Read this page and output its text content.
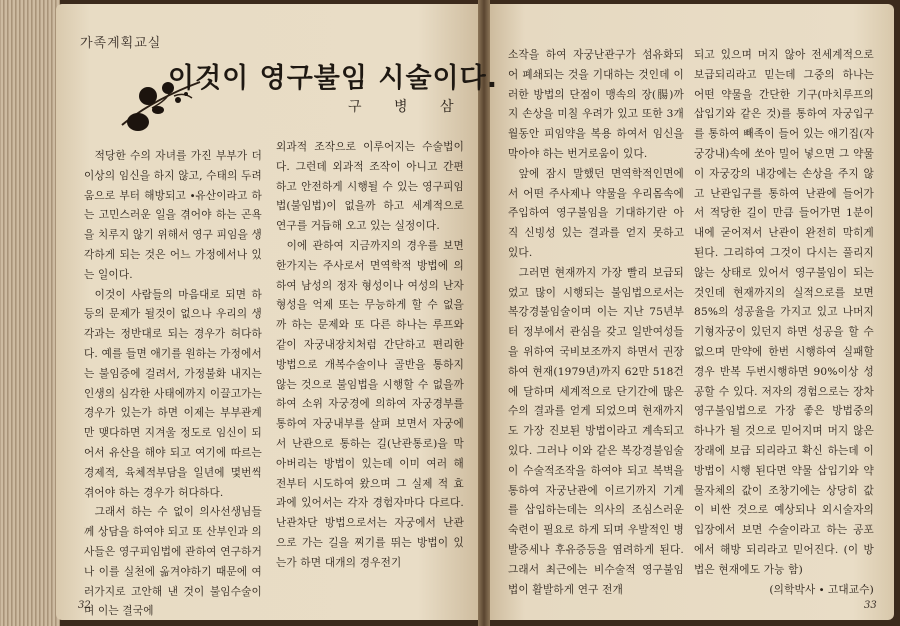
가족계획교실
이것이 영구불임 시술이다.
구 병 삼

적당한 수의 자녀를 가진 부부가 더 이상의 임신을 하지 않고, 수태의 두려움으로 부터 해방되고 ∙유산이라고 하는 고민스러운 일을 겪어야 하는 곤욕을 치루지 않기 위해서 영구 피임을 생각하게 되는 것은 어느 가정에서나 있는 일이다.

이것이 사람들의 마음대로 되면 하등의 문제가 될것이 없으나 우리의 생각과는 정반대로 되는 경우가 허다하다. 예를 들면 애기를 원하는 가정에서는 불임증에 걸려서, 가정불화 내지는 인생의 심각한 사태에까지 이끌고가는 경우가 있는가 하면 이제는 부부관계만 맺다하면 지겨울 정도로 임신이 되어서 유산을 해야 되고 여기에 따르는 경제적, 육체적부담을 일년에 몇번씩 겪어야 하는 경우가 허다하다.

그래서 하는 수 없이 의사선생님들께 상담을 하여야 되고 또 산부인과 의사들은 영구피임법에 관하여 연구하거나 이를 실천에 옮겨야하기 때문에 여러가지로 고안해 낸 것이 불임수술이며 이는 결국에

외과적 조작으로 이루어지는 수술법이다. 그런데 외과적 조작이 아니고 간편하고 안전하게 시행될 수 있는 영구피임법(불임법)이 없을까 하고 세계적으로 연구를 거듭해 오고 있는 실정이다.

이에 관하여 지금까지의 경우를 보면 한가지는 주사로서 면역학적 방법에 의하여 남성의 정자 형성이나 여성의 난자형성을 억제 또는 무능하게 할 수 없을까 하는 문제와 또 다른 하나는 루프와 같이 자궁내장치처럼 간단하고 편리한 방법으로 개복수술이나 골반을 통하지 않는 것으로 불임법을 시행할 수 없을까 하여 소위 자궁경에 의하여 자궁경부를 통하여 자궁내부를 살펴 보면서 자궁에서 난관으로 통하는 길(난관통로)을 막아버리는 방법이 있는데 이미 여러 해 전부터 시도하여 왔으며 그 실제 적 효과에 있어서는 각자 경험자마다 다르다. 난관차단 방법으로서는 자궁에서 난관으로 가는 길을 찌기를 뛰는 방법이 있는가 하면 대개의 경우전기

소작을 하여 자궁난관구가 섬유화되어 폐쇄되는 것을 기대하는 것인데 이러한 방법의 단점이 맹속의 장(腸)까지 손상을 미칠 우려가 있고 또한 3개월동안 피임약을 복용 하여서 임신을 막아야 하는 번거로움이 있다.

앞에 잠시 말했던 면역학적인면에서 어떤 주사제나 약물을 우리몸속에 주입하여 영구불임을 기대하기란 아직 신빙성 있는 결과를 얻지 못하고 있다.

그러면 현재까지 가장 빨리 보급되었고 많이 시행되는 불임법으로서는 복강경불임술이며 이는 지난 75년부터 정부에서 관심을 갖고 일반여성들을 위하여 국비보조까지 하면서 권장하여 현재(1979년)까지 62만 518건에 달하며 세계적으로 단기간에 많은 수의 결과를 얻게 되었으며 현재까지도 가장 진보된 방법이라고 계속되고 있다. 그러나 이와 같은 복강경불임술이 수술적조작을 하여야 되고 복벽을 통하여 자궁난관에 이르기까지 기계를 삽입하는데는 의사의 조심스러운 숙련이 필요로 하게 되며 우발적인 병발증세나 후유증등을 염려하게 된다. 그래서 최근에는 비수술적 영구불임법이 활발하게 연구 전개

되고 있으며 머지 않아 전세계적으로 보급되리라고 믿는데 그중의 하나는 어떤 약물을 간단한 기구(마치루프의 삽입기와 같은 것)를 통하여 자궁입구를 통하여 빼족이 들어 있는 애기집(자궁강내)속에 쏘아 밀어 넣으면 그 약물이 자궁강의 내강에는 손상을 주지 않고 난관입구를 통하여 난관에 들어가서 적당한 길이 만큼 들어가면 1분이내에 굳어져서 난관이 완전히 막히게 된다. 그리하여 그것이 다시는 풀리지 않는 상태로 있어서 영구불임이 되는 것인데 현재까지의 실적으로를 보면 85%의 성공율을 가지고 있고 나머지 기형자궁이 있던지 하면 성공을 할 수 없으며 만약에 한번 시행하여 실패할 경우 반복 두번시행하면 90%이상 성공할 수 있다. 저자의 경험으로는 장차 영구불임법으로 가장 좋은 방법중의 하나가 될 것으로 믿어지며 머지 않은 장래에 보급 되리라고 확신 하는데 이 방법이 시행 된다면 약물 삽입기와 약물자체의 값이 조창기에는 상당히 값이 비싼 것으로 예상되나 외시술자의 입장에서 보면 수술이라고 하는 공포에서 해방 되리라고 믿어진다. (이 방법은 현재에도 가능 함)

(의학박사 ∙ 고대교수)

32	33
